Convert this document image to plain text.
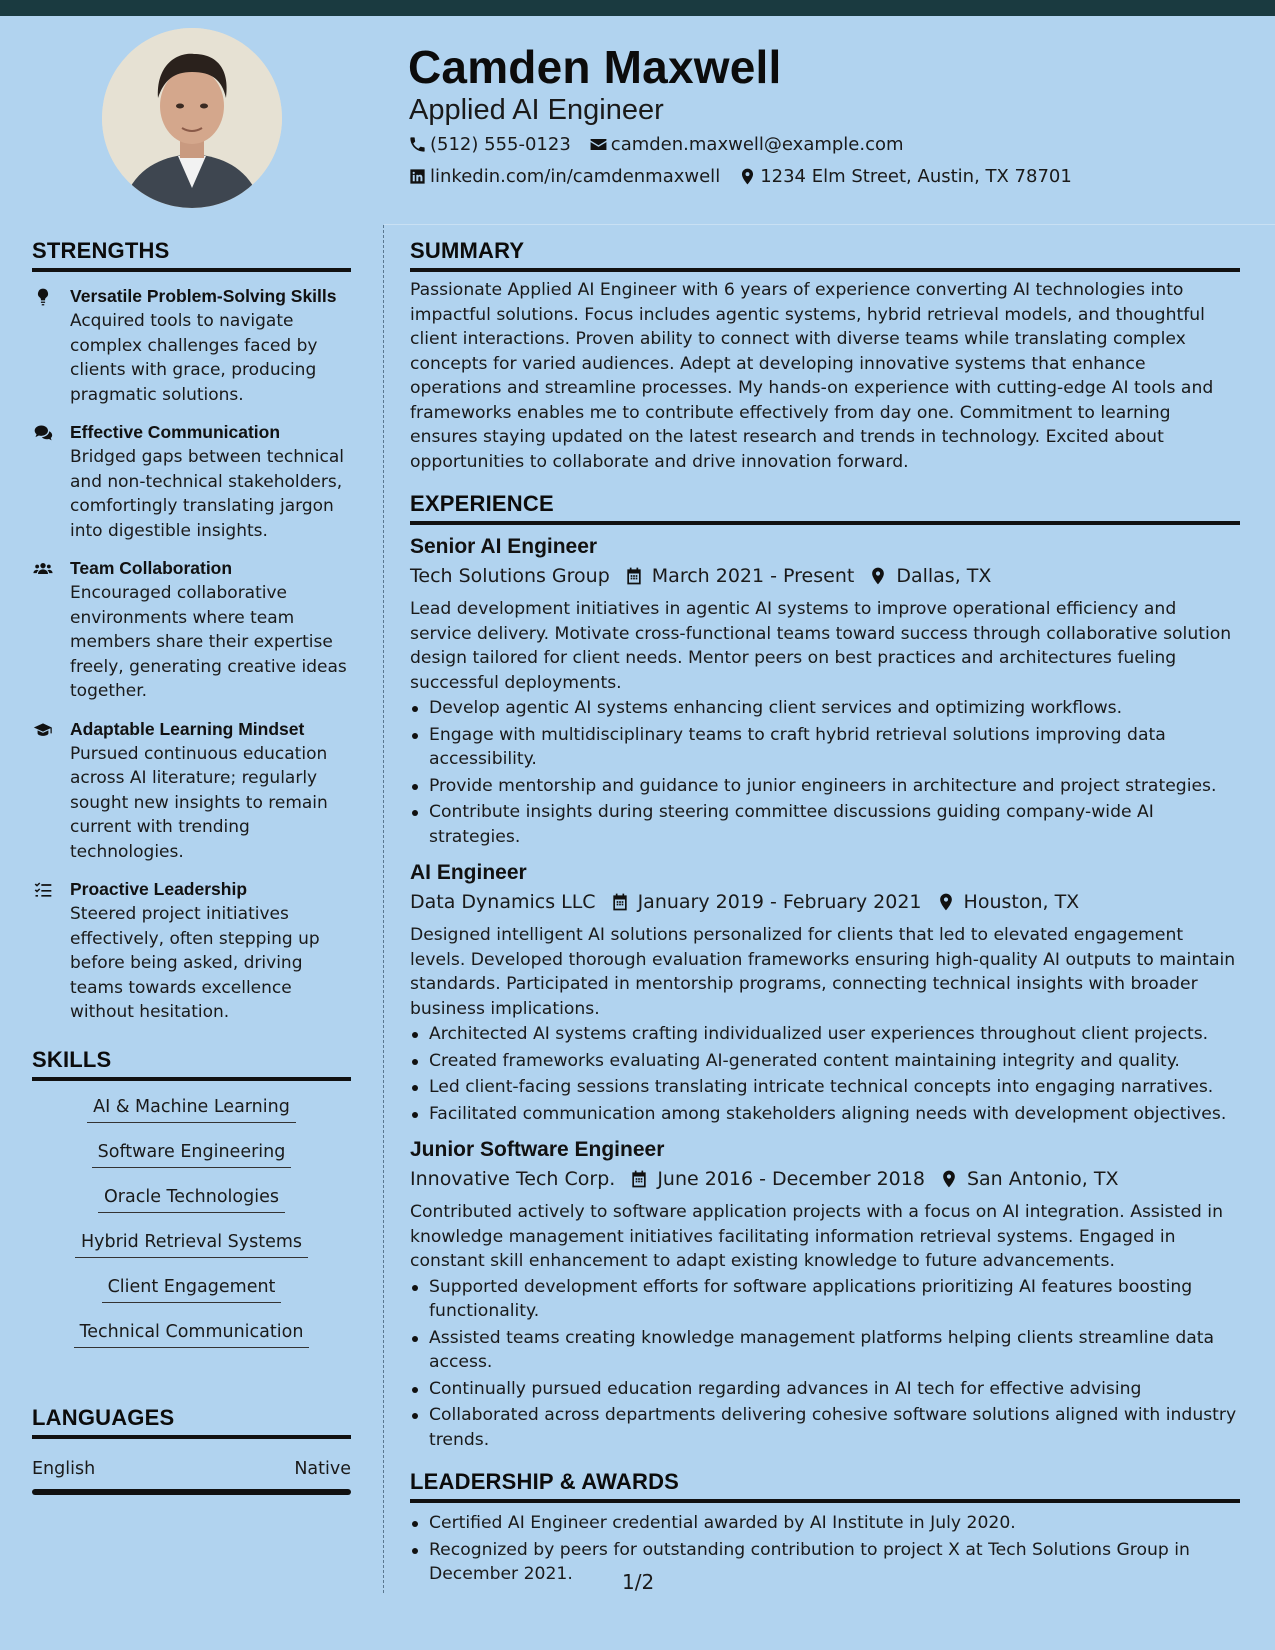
Camden Maxwell
Applied AI Engineer
(512) 555-0123 camden.maxwell@example.com
linkedin.com/in/camdenmaxwell 1234 Elm Street, Austin, TX 78701
STRENGTHS
Versatile Problem-Solving Skills
Acquired tools to navigate complex challenges faced by clients with grace, producing pragmatic solutions.
Effective Communication
Bridged gaps between technical and non-technical stakeholders, comfortingly translating jargon into digestible insights.
Team Collaboration
Encouraged collaborative environments where team members share their expertise freely, generating creative ideas together.
Adaptable Learning Mindset
Pursued continuous education across AI literature; regularly sought new insights to remain current with trending technologies.
Proactive Leadership
Steered project initiatives effectively, often stepping up before being asked, driving teams towards excellence without hesitation.
SKILLS
AI & Machine Learning
Software Engineering
Oracle Technologies
Hybrid Retrieval Systems
Client Engagement
Technical Communication
LANGUAGES
English	Native
SUMMARY
Passionate Applied AI Engineer with 6 years of experience converting AI technologies into impactful solutions. Focus includes agentic systems, hybrid retrieval models, and thoughtful client interactions. Proven ability to connect with diverse teams while translating complex concepts for varied audiences. Adept at developing innovative systems that enhance operations and streamline processes. My hands-on experience with cutting-edge AI tools and frameworks enables me to contribute effectively from day one. Commitment to learning ensures staying updated on the latest research and trends in technology. Excited about opportunities to collaborate and drive innovation forward.
EXPERIENCE
Senior AI Engineer
Tech Solutions Group March 2021 - Present Dallas, TX
Lead development initiatives in agentic AI systems to improve operational efficiency and service delivery. Motivate cross-functional teams toward success through collaborative solution design tailored for client needs. Mentor peers on best practices and architectures fueling successful deployments.
Develop agentic AI systems enhancing client services and optimizing workflows.
Engage with multidisciplinary teams to craft hybrid retrieval solutions improving data accessibility.
Provide mentorship and guidance to junior engineers in architecture and project strategies.
Contribute insights during steering committee discussions guiding company-wide AI strategies.
AI Engineer
Data Dynamics LLC January 2019 - February 2021 Houston, TX
Designed intelligent AI solutions personalized for clients that led to elevated engagement levels. Developed thorough evaluation frameworks ensuring high-quality AI outputs to maintain standards. Participated in mentorship programs, connecting technical insights with broader business implications.
Architected AI systems crafting individualized user experiences throughout client projects.
Created frameworks evaluating AI-generated content maintaining integrity and quality.
Led client-facing sessions translating intricate technical concepts into engaging narratives.
Facilitated communication among stakeholders aligning needs with development objectives.
Junior Software Engineer
Innovative Tech Corp. June 2016 - December 2018 San Antonio, TX
Contributed actively to software application projects with a focus on AI integration. Assisted in knowledge management initiatives facilitating information retrieval systems. Engaged in constant skill enhancement to adapt existing knowledge to future advancements.
Supported development efforts for software applications prioritizing AI features boosting functionality.
Assisted teams creating knowledge management platforms helping clients streamline data access.
Continually pursued education regarding advances in AI tech for effective advising
Collaborated across departments delivering cohesive software solutions aligned with industry trends.
LEADERSHIP & AWARDS
Certified AI Engineer credential awarded by AI Institute in July 2020.
Recognized by peers for outstanding contribution to project X at Tech Solutions Group in December 2021.	1/2
